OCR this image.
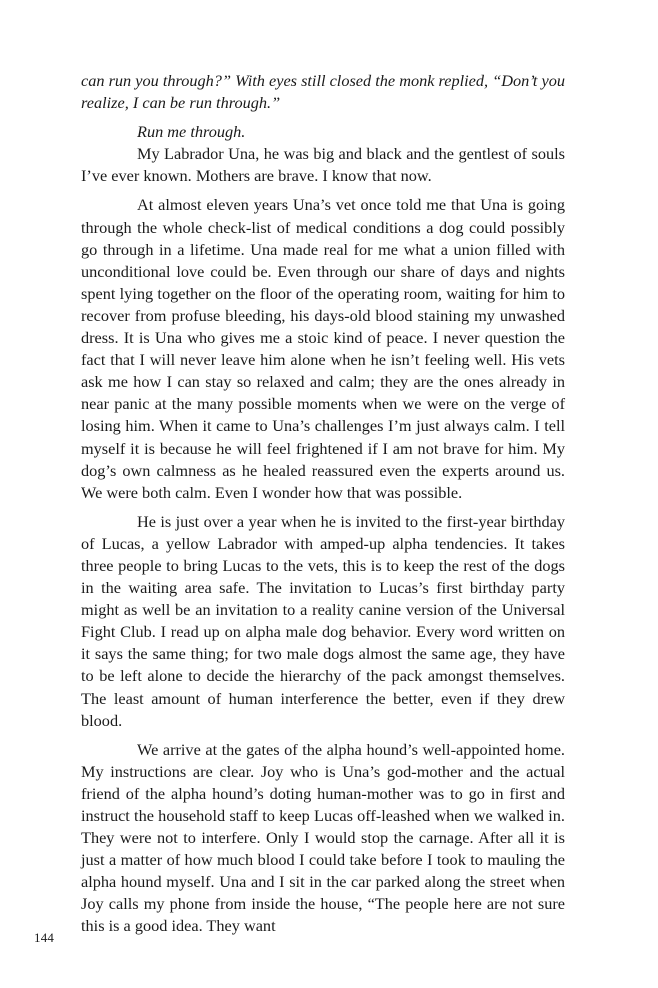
can run you through?” With eyes still closed the monk replied, “Don’t you realize, I can be run through.”

Run me through.

My Labrador Una, he was big and black and the gentlest of souls I’ve ever known. Mothers are brave. I know that now.

At almost eleven years Una’s vet once told me that Una is going through the whole check-list of medical conditions a dog could possibly go through in a lifetime. Una made real for me what a union filled with unconditional love could be. Even through our share of days and nights spent lying together on the floor of the operating room, waiting for him to recover from profuse bleeding, his days-old blood staining my unwashed dress. It is Una who gives me a stoic kind of peace. I never question the fact that I will never leave him alone when he isn’t feeling well. His vets ask me how I can stay so relaxed and calm; they are the ones already in near panic at the many possible moments when we were on the verge of losing him. When it came to Una’s challenges I’m just always calm. I tell myself it is because he will feel frightened if I am not brave for him. My dog’s own calmness as he healed reassured even the experts around us. We were both calm. Even I wonder how that was possible.

He is just over a year when he is invited to the first-year birthday of Lucas, a yellow Labrador with amped-up alpha tendencies. It takes three people to bring Lucas to the vets, this is to keep the rest of the dogs in the waiting area safe. The invitation to Lucas’s first birthday party might as well be an invitation to a reality canine version of the Universal Fight Club. I read up on alpha male dog behavior. Every word written on it says the same thing; for two male dogs almost the same age, they have to be left alone to decide the hierarchy of the pack amongst themselves. The least amount of human interference the better, even if they drew blood.

We arrive at the gates of the alpha hound’s well-appointed home. My instructions are clear. Joy who is Una’s god-mother and the actual friend of the alpha hound’s doting human-mother was to go in first and instruct the household staff to keep Lucas off-leashed when we walked in. They were not to interfere. Only I would stop the carnage. After all it is just a matter of how much blood I could take before I took to mauling the alpha hound myself. Una and I sit in the car parked along the street when Joy calls my phone from inside the house, “The people here are not sure this is a good idea. They want

144
